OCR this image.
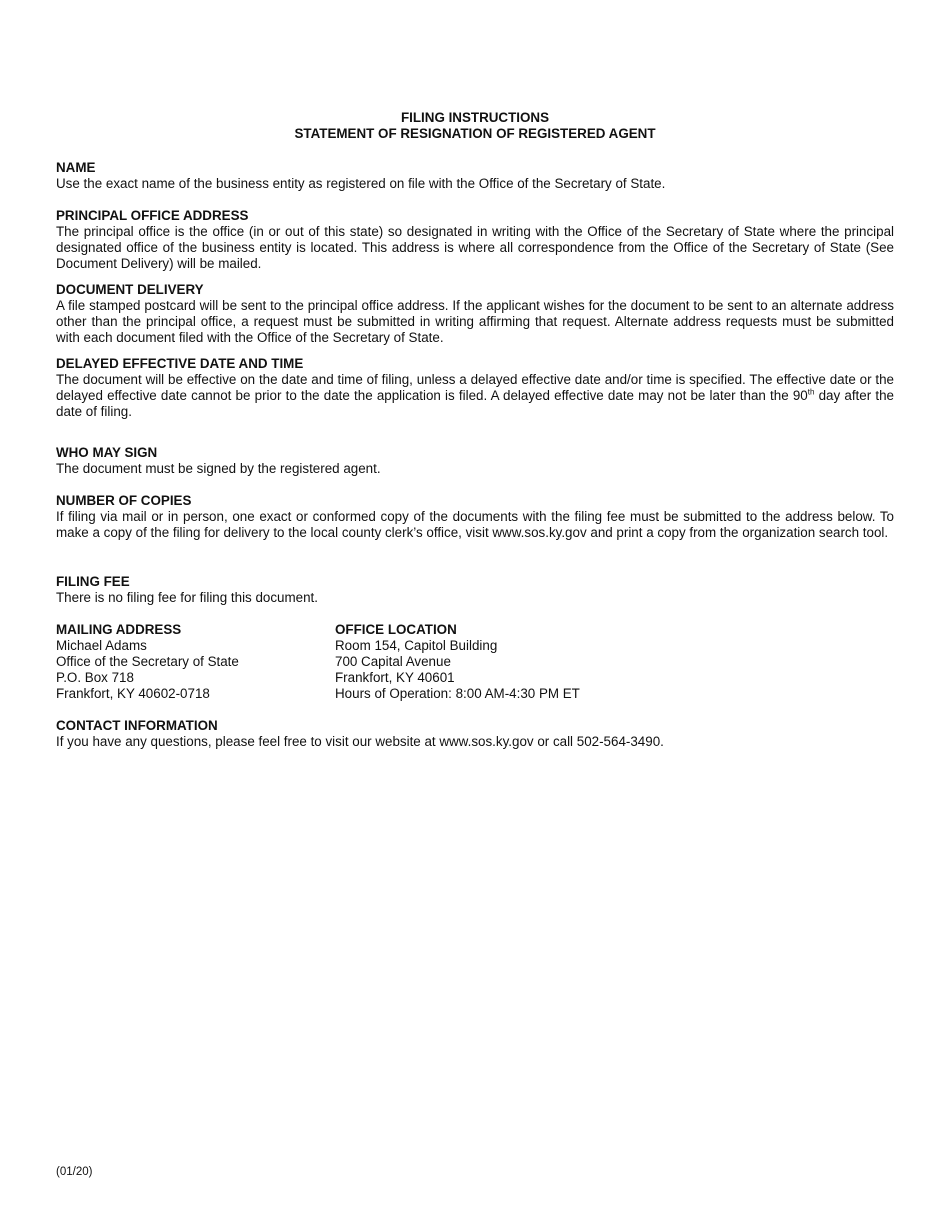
FILING INSTRUCTIONS
STATEMENT OF RESIGNATION OF REGISTERED AGENT
NAME
Use the exact name of the business entity as registered on file with the Office of the Secretary of State.
PRINCIPAL OFFICE ADDRESS
The principal office is the office (in or out of this state) so designated in writing with the Office of the Secretary of State where the principal designated office of the business entity is located. This address is where all correspondence from the Office of the Secretary of State (See Document Delivery) will be mailed.
DOCUMENT DELIVERY
A file stamped postcard will be sent to the principal office address. If the applicant wishes for the document to be sent to an alternate address other than the principal office, a request must be submitted in writing affirming that request. Alternate address requests must be submitted with each document filed with the Office of the Secretary of State.
DELAYED EFFECTIVE DATE AND TIME
The document will be effective on the date and time of filing, unless a delayed effective date and/or time is specified. The effective date or the delayed effective date cannot be prior to the date the application is filed. A delayed effective date may not be later than the 90th day after the date of filing.
WHO MAY SIGN
The document must be signed by the registered agent.
NUMBER OF COPIES
If filing via mail or in person, one exact or conformed copy of the documents with the filing fee must be submitted to the address below. To make a copy of the filing for delivery to the local county clerk’s office, visit www.sos.ky.gov and print a copy from the organization search tool.
FILING FEE
There is no filing fee for filing this document.
MAILING ADDRESS
Michael Adams
Office of the Secretary of State
P.O. Box 718
Frankfort, KY 40602-0718
OFFICE LOCATION
Room 154, Capitol Building
700 Capital Avenue
Frankfort, KY 40601
Hours of Operation: 8:00 AM-4:30 PM ET
CONTACT INFORMATION
If you have any questions, please feel free to visit our website at www.sos.ky.gov or call 502-564-3490.
(01/20)
